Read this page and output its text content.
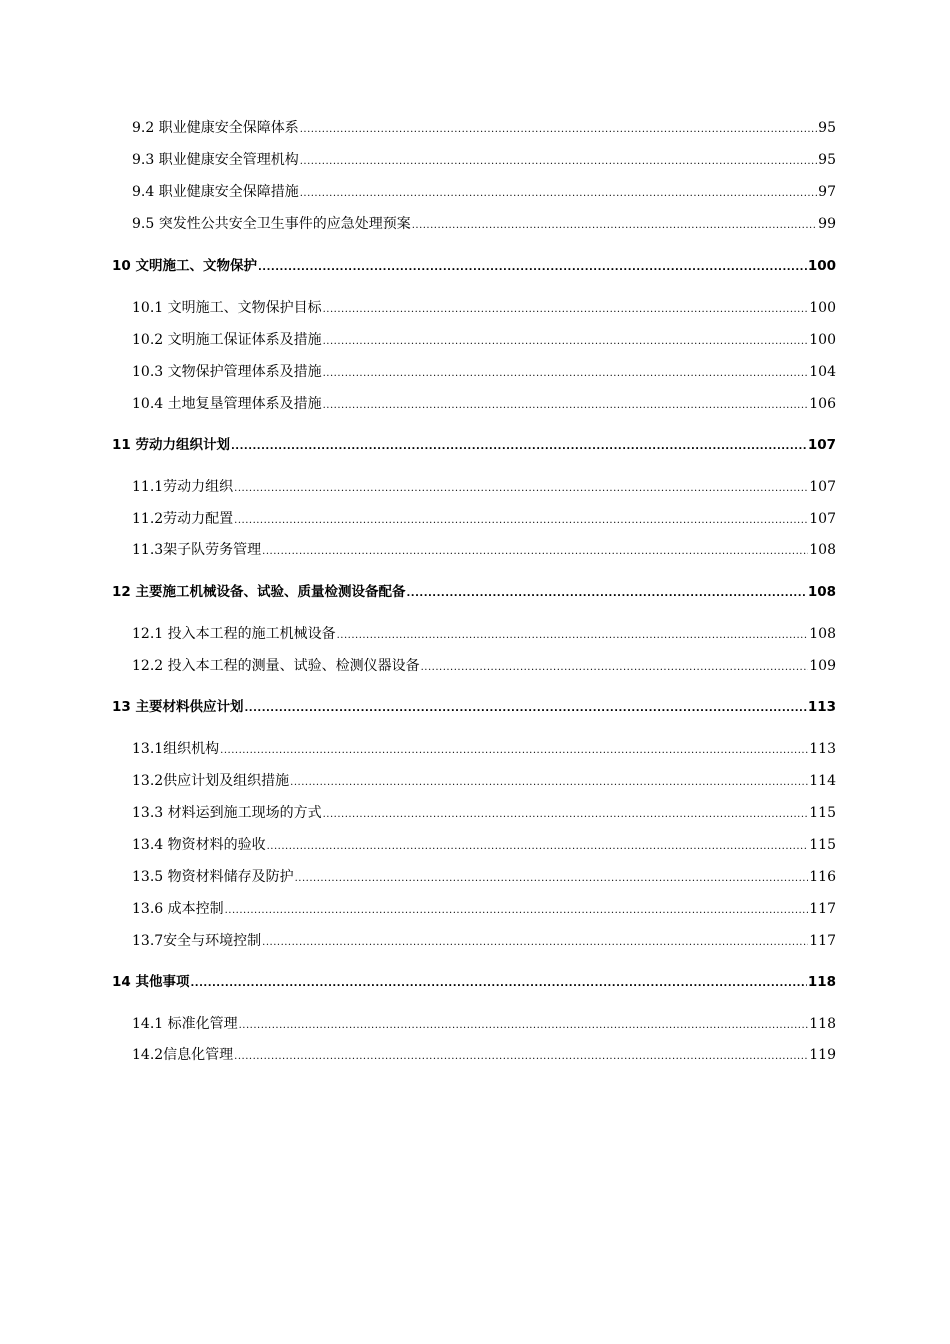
9.2 职业健康安全保障体系 .....	95
9.3 职业健康安全管理机构 .....	95
9.4 职业健康安全保障措施 .....	97
9.5 突发性公共安全卫生事件的应急处理预案 .....	99
10 文明施工、文物保护 .....	100
10.1 文明施工、文物保护目标 .....	100
10.2 文明施工保证体系及措施 .....	100
10.3 文物保护管理体系及措施 .....	104
10.4 土地复垦管理体系及措施 .....	106
11 劳动力组织计划 .....	107
11.1劳动力组织 .....	107
11.2劳动力配置 .....	107
11.3架子队劳务管理 .....	108
12 主要施工机械设备、试验、质量检测设备配备 .....	108
12.1 投入本工程的施工机械设备 .....	108
12.2 投入本工程的测量、试验、检测仪器设备 .....	109
13 主要材料供应计划 .....	113
13.1组织机构 .....	113
13.2供应计划及组织措施 .....	114
13.3 材料运到施工现场的方式 .....	115
13.4 物资材料的验收 .....	115
13.5 物资材料储存及防护 .....	116
13.6 成本控制 .....	117
13.7安全与环境控制 .....	117
14 其他事项 .....	118
14.1 标准化管理 .....	118
14.2信息化管理 .....	119
